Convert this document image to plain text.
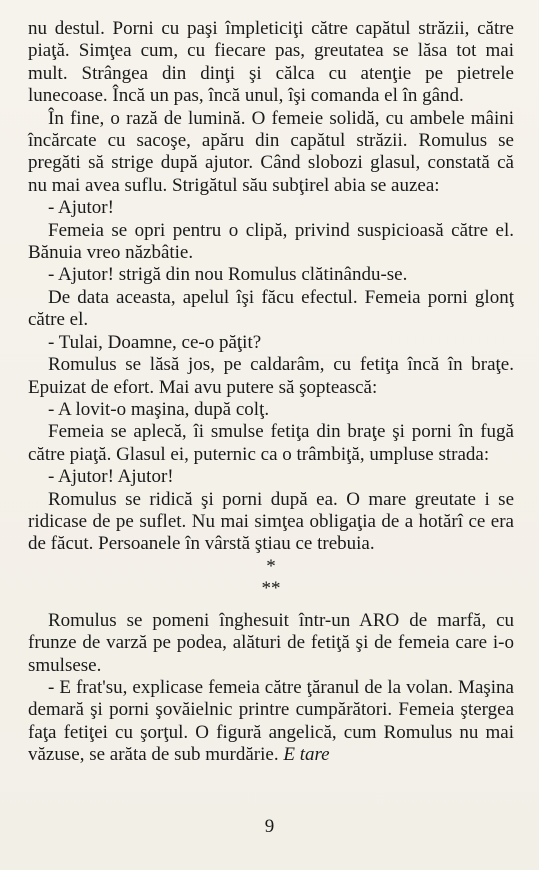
nu destul. Porni cu paşi împleticiţi către capătul străzii, către piaţă. Simţea cum, cu fiecare pas, greutatea se lăsa tot mai mult. Strângea din dinţi şi călca cu atenţie pe pietrele lunecoase. Încă un pas, încă unul, îşi comanda el în gând.

În fine, o rază de lumină. O femeie solidă, cu ambele mâini încărcate cu sacoşe, apăru din capătul străzii. Romulus se pregăti să strige după ajutor. Când slobozi glasul, constată că nu mai avea suflu. Strigătul său subţirel abia se auzea:

- Ajutor!

Femeia se opri pentru o clipă, privind suspicioasă către el. Bănuia vreo năzbâtie.

- Ajutor! strigă din nou Romulus clătinându-se.

De data aceasta, apelul îşi făcu efectul. Femeia porni glonţ către el.

- Tulai, Doamne, ce-o păţit?

Romulus se lăsă jos, pe caldarâm, cu fetiţa încă în braţe. Epuizat de efort. Mai avu putere să şoptească:

- A lovit-o maşina, după colţ.

Femeia se aplecă, îi smulse fetiţa din braţe şi porni în fugă către piaţă. Glasul ei, puternic ca o trâmbiţă, umpluse strada:

- Ajutor! Ajutor!

Romulus se ridică şi porni după ea. O mare greutate i se ridicase de pe suflet. Nu mai simţea obligaţia de a hotărî ce era de făcut. Persoanele în vârstă ştiau ce trebuia.

*

**

Romulus se pomeni înghesuit într-un ARO de marfă, cu frunze de varză pe podea, alături de fetiţă şi de femeia care i-o smulsese.

- E frat'su, explicase femeia către ţăranul de la volan. Maşina demară şi porni şovăielnic printre cumpărători. Femeia ştergea faţa fetiţei cu şorţul. O figură angelică, cum Romulus nu mai văzuse, se arăta de sub murdărie. E tare

9
